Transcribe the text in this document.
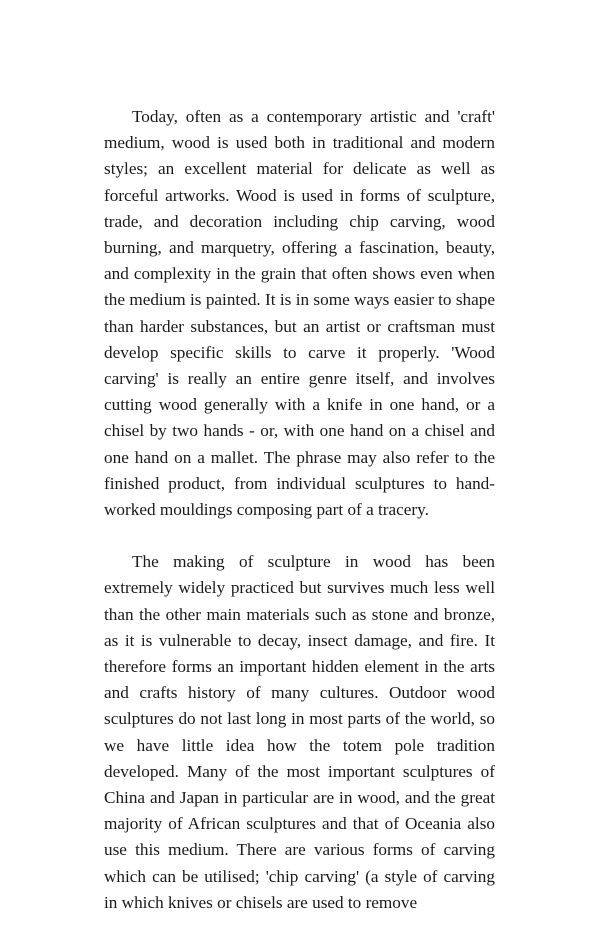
Today, often as a contemporary artistic and 'craft' medium, wood is used both in traditional and modern styles; an excellent material for delicate as well as forceful artworks. Wood is used in forms of sculpture, trade, and decoration including chip carving, wood burning, and marquetry, offering a fascination, beauty, and complexity in the grain that often shows even when the medium is painted. It is in some ways easier to shape than harder substances, but an artist or craftsman must develop specific skills to carve it properly. 'Wood carving' is really an entire genre itself, and involves cutting wood generally with a knife in one hand, or a chisel by two hands - or, with one hand on a chisel and one hand on a mallet. The phrase may also refer to the finished product, from individual sculptures to hand-worked mouldings composing part of a tracery.

The making of sculpture in wood has been extremely widely practiced but survives much less well than the other main materials such as stone and bronze, as it is vulnerable to decay, insect damage, and fire. It therefore forms an important hidden element in the arts and crafts history of many cultures. Outdoor wood sculptures do not last long in most parts of the world, so we have little idea how the totem pole tradition developed. Many of the most important sculptures of China and Japan in particular are in wood, and the great majority of African sculptures and that of Oceania also use this medium. There are various forms of carving which can be utilised; 'chip carving' (a style of carving in which knives or chisels are used to remove
